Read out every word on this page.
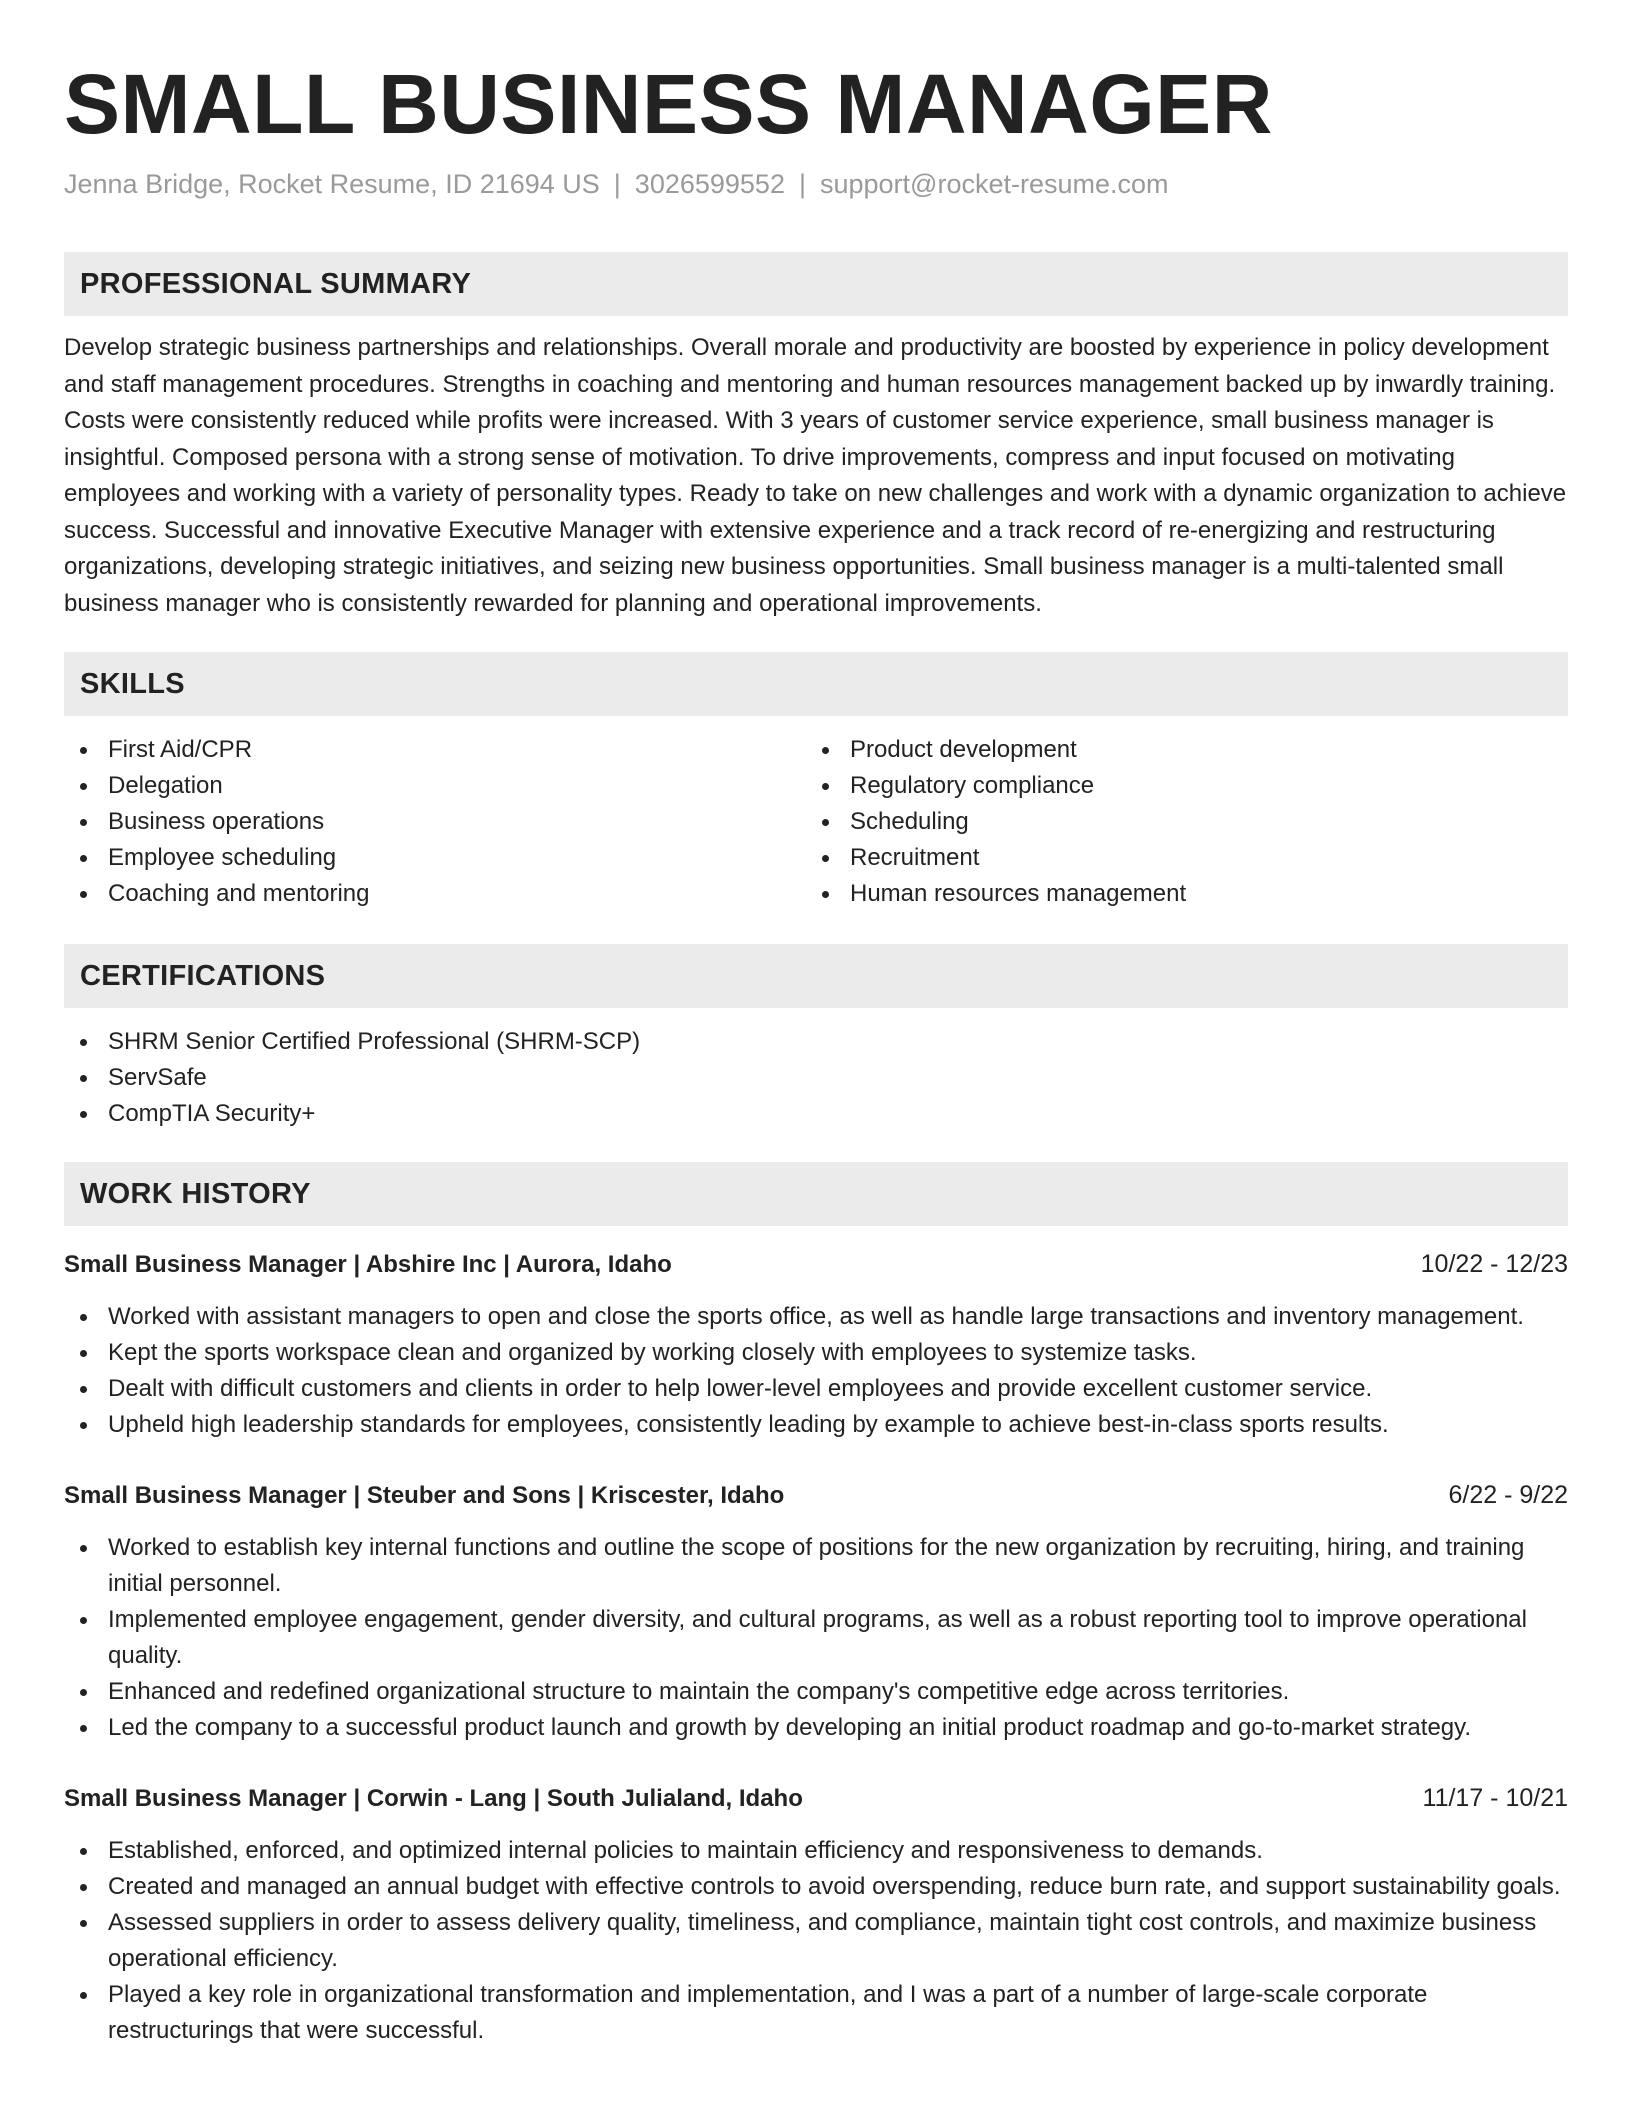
SMALL BUSINESS MANAGER
Jenna Bridge, Rocket Resume, ID 21694 US | 3026599552 | support@rocket-resume.com
PROFESSIONAL SUMMARY

Develop strategic business partnerships and relationships. Overall morale and productivity are boosted by experience in policy development and staff management procedures. Strengths in coaching and mentoring and human resources management backed up by inwardly training. Costs were consistently reduced while profits were increased. With 3 years of customer service experience, small business manager is insightful. Composed persona with a strong sense of motivation. To drive improvements, compress and input focused on motivating employees and working with a variety of personality types. Ready to take on new challenges and work with a dynamic organization to achieve success. Successful and innovative Executive Manager with extensive experience and a track record of re-energizing and restructuring organizations, developing strategic initiatives, and seizing new business opportunities. Small business manager is a multi-talented small business manager who is consistently rewarded for planning and operational improvements.

SKILLS
First Aid/CPR
Delegation
Business operations
Employee scheduling
Coaching and mentoring
Product development
Regulatory compliance
Scheduling
Recruitment
Human resources management
CERTIFICATIONS
SHRM Senior Certified Professional (SHRM-SCP)
ServSafe
CompTIA Security+
WORK HISTORY
Small Business Manager | Abshire Inc | Aurora, Idaho	10/22 - 12/23
Worked with assistant managers to open and close the sports office, as well as handle large transactions and inventory management.
Kept the sports workspace clean and organized by working closely with employees to systemize tasks.
Dealt with difficult customers and clients in order to help lower-level employees and provide excellent customer service.
Upheld high leadership standards for employees, consistently leading by example to achieve best-in-class sports results.
Small Business Manager | Steuber and Sons | Kriscester, Idaho	6/22 - 9/22
Worked to establish key internal functions and outline the scope of positions for the new organization by recruiting, hiring, and training initial personnel.
Implemented employee engagement, gender diversity, and cultural programs, as well as a robust reporting tool to improve operational quality.
Enhanced and redefined organizational structure to maintain the company's competitive edge across territories.
Led the company to a successful product launch and growth by developing an initial product roadmap and go-to-market strategy.
Small Business Manager | Corwin - Lang | South Julialand, Idaho	11/17 - 10/21
Established, enforced, and optimized internal policies to maintain efficiency and responsiveness to demands.
Created and managed an annual budget with effective controls to avoid overspending, reduce burn rate, and support sustainability goals.
Assessed suppliers in order to assess delivery quality, timeliness, and compliance, maintain tight cost controls, and maximize business operational efficiency.
Played a key role in organizational transformation and implementation, and I was a part of a number of large-scale corporate restructurings that were successful.
